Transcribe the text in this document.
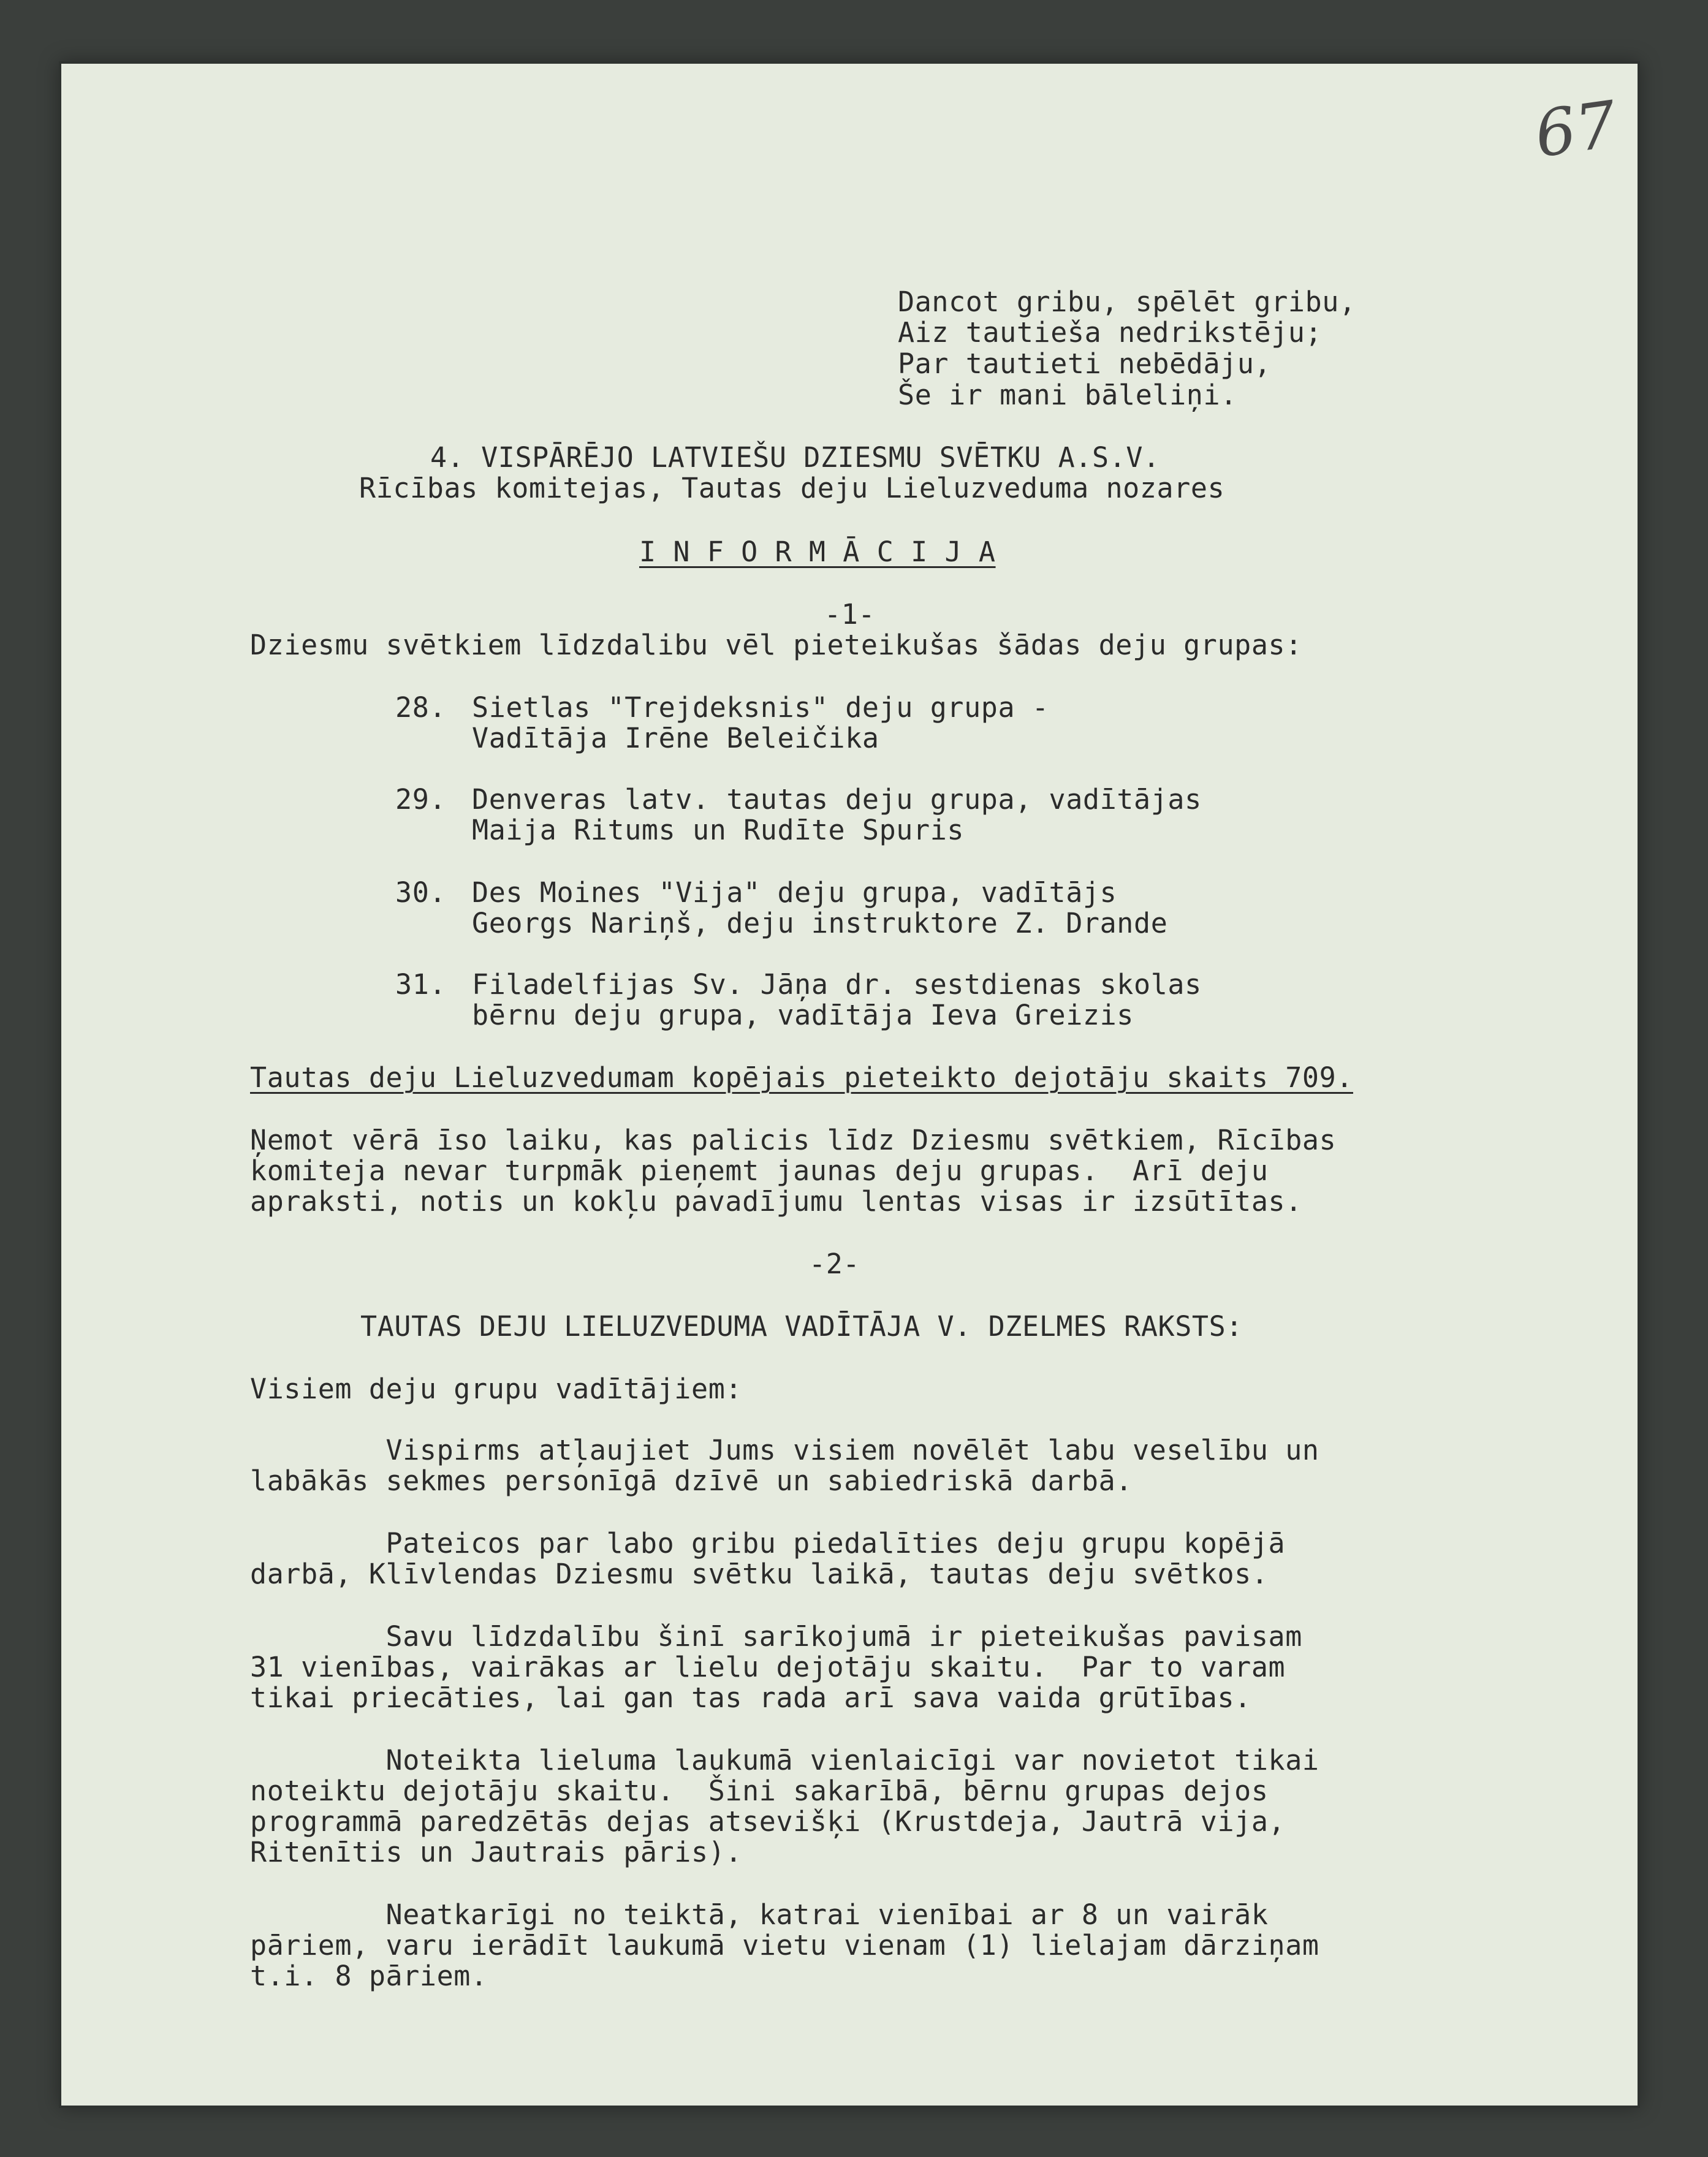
67
Dancot gribu, spēlēt gribu,
Aiz tautieša nedrikstēju;
Par tautieti nebēdāju,
Še ir mani bāleliņi.
4. VISPĀRĒJO LATVIEŠU DZIESMU SVĒTKU A.S.V.
Rīcības komitejas, Tautas deju Lieluzveduma nozares
I N F O R M Ā C I J A
-1-
Dziesmu svētkiem līdzdalibu vēl pieteikušas šādas deju grupas:
28. Sietlas "Trejdeksnis" deju grupa -
Vadītāja Irēne Beleičika
29. Denveras latv. tautas deju grupa, vadītājas
Maija Ritums un Rudīte Spuris
30. Des Moines "Vija" deju grupa, vadītājs
Georgs Nariņš, deju instruktore Z. Drande
31. Filadelfijas Sv. Jāņa dr. sestdienas skolas
bērnu deju grupa, vadītāja Ieva Greizis
Tautas deju Lieluzvedumam kopējais pieteikto dejotāju skaits 709.
Ņemot vērā īso laiku, kas palicis līdz Dziesmu svētkiem, Rīcības
komiteja nevar turpmāk pieņemt jaunas deju grupas.  Arī deju
apraksti, notis un kokļu pavadījumu lentas visas ir izsūtītas.
-2-
TAUTAS DEJU LIELUZVEDUMA VADĪTĀJA V. DZELMES RAKSTS:
Visiem deju grupu vadītājiem:
Vispirms atļaujiet Jums visiem novēlēt labu veselību un
labākās sekmes personīgā dzīvē un sabiedriskā darbā.
Pateicos par labo gribu piedalīties deju grupu kopējā
darbā, Klīvlendas Dziesmu svētku laikā, tautas deju svētkos.
Savu līdzdalību šinī sarīkojumā ir pieteikušas pavisam
31 vienības, vairākas ar lielu dejotāju skaitu.  Par to varam
tikai priecāties, lai gan tas rada arī sava vaida grūtības.
Noteikta lieluma laukumā vienlaicīgi var novietot tikai
noteiktu dejotāju skaitu.  Šini sakarībā, bērnu grupas dejos
programmā paredzētās dejas atsevišķi (Krustdeja, Jautrā vija,
Ritenītis un Jautrais pāris).
Neatkarīgi no teiktā, katrai vienībai ar 8 un vairāk
pāriem, varu ierādīt laukumā vietu vienam (1) lielajam dārziņam
t.i. 8 pāriem.
